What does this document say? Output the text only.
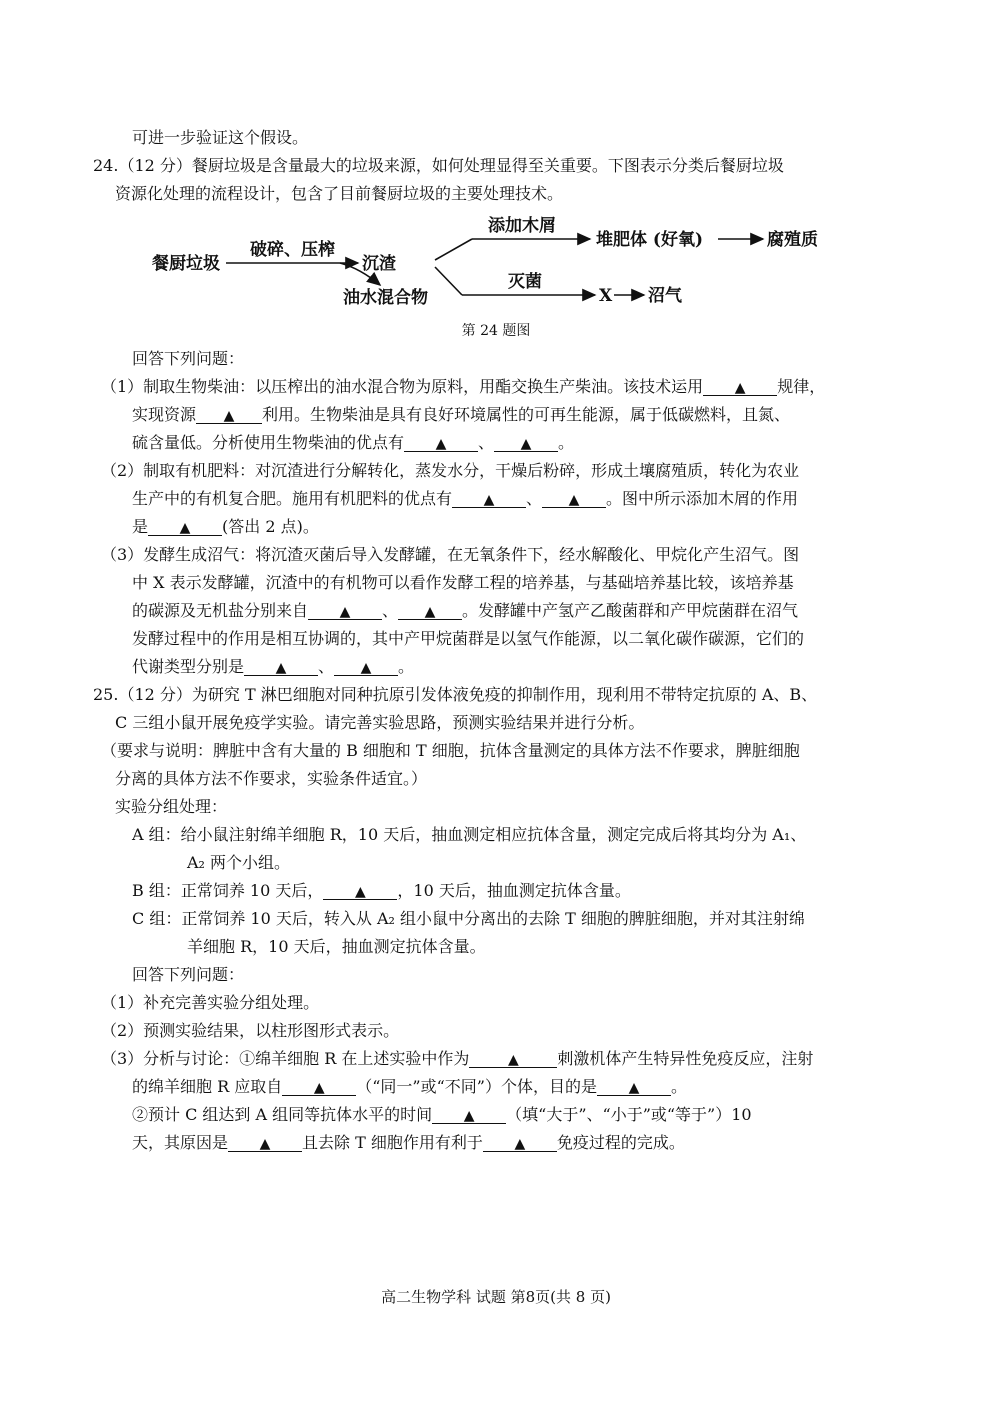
可进一步验证这个假设。
24.（12 分）餐厨垃圾是含量最大的垃圾来源，如何处理显得至关重要。下图表示分类后餐厨垃圾
资源化处理的流程设计，包含了目前餐厨垃圾的主要处理技术。
餐厨垃圾
破碎、压榨
沉渣
油水混合物
添加木屑
堆肥体 (好氧)	腐殖质
灭菌
X 沼气
第 24 题图
回答下列问题：
（1）制取生物柴油：以压榨出的油水混合物为原料，用酯交换生产柴油。该技术运用 ▲ 规律，
实现资源 ▲ 利用。生物柴油是具有良好环境属性的可再生能源，属于低碳燃料，且氮、
硫含量低。分析使用生物柴油的优点有 ▲ 、 ▲ 。
（2）制取有机肥料：对沉渣进行分解转化，蒸发水分，干燥后粉碎，形成土壤腐殖质，转化为农业
生产中的有机复合肥。施用有机肥料的优点有 ▲ 、 ▲ 。图中所示添加木屑的作用
是 ▲ (答出 2 点)。
（3）发酵生成沼气：将沉渣灭菌后导入发酵罐，在无氧条件下，经水解酸化、甲烷化产生沼气。图
中 X 表示发酵罐，沉渣中的有机物可以看作发酵工程的培养基，与基础培养基比较，该培养基
的碳源及无机盐分别来自 ▲ 、 ▲ 。发酵罐中产氢产乙酸菌群和产甲烷菌群在沼气
发酵过程中的作用是相互协调的，其中产甲烷菌群是以氢气作能源，以二氧化碳作碳源，它们的
代谢类型分别是 ▲ 、 ▲ 。
25.（12 分）为研究 T 淋巴细胞对同种抗原引发体液免疫的抑制作用，现利用不带特定抗原的 A、B、
C 三组小鼠开展免疫学实验。请完善实验思路，预测实验结果并进行分析。
（要求与说明：脾脏中含有大量的 B 细胞和 T 细胞，抗体含量测定的具体方法不作要求，脾脏细胞
分离的具体方法不作要求，实验条件适宜。）
实验分组处理：
A 组：给小鼠注射绵羊细胞 R，10 天后，抽血测定相应抗体含量，测定完成后将其均分为 A₁、
A₂ 两个小组。
B 组：正常饲养 10 天后， ▲ ，10 天后，抽血测定抗体含量。
C 组：正常饲养 10 天后，转入从 A₂ 组小鼠中分离出的去除 T 细胞的脾脏细胞，并对其注射绵
羊细胞 R，10 天后，抽血测定抗体含量。
回答下列问题：
（1）补充完善实验分组处理。
（2）预测实验结果，以柱形图形式表示。
（3）分析与讨论：①绵羊细胞 R 在上述实验中作为	▲ 刺激机体产生特异性免疫反应，注射
的绵羊细胞 R 应取自 ▲ （“同一”或“不同”）个体，目的是 ▲ 。
②预计 C 组达到 A 组同等抗体水平的时间 ▲ （填“大于”、“小于”或“等于”）10
天，其原因是 ▲ 且去除 T 细胞作用有利于 ▲ 免疫过程的完成。
高二生物学科 试题 第8页(共 8 页)
